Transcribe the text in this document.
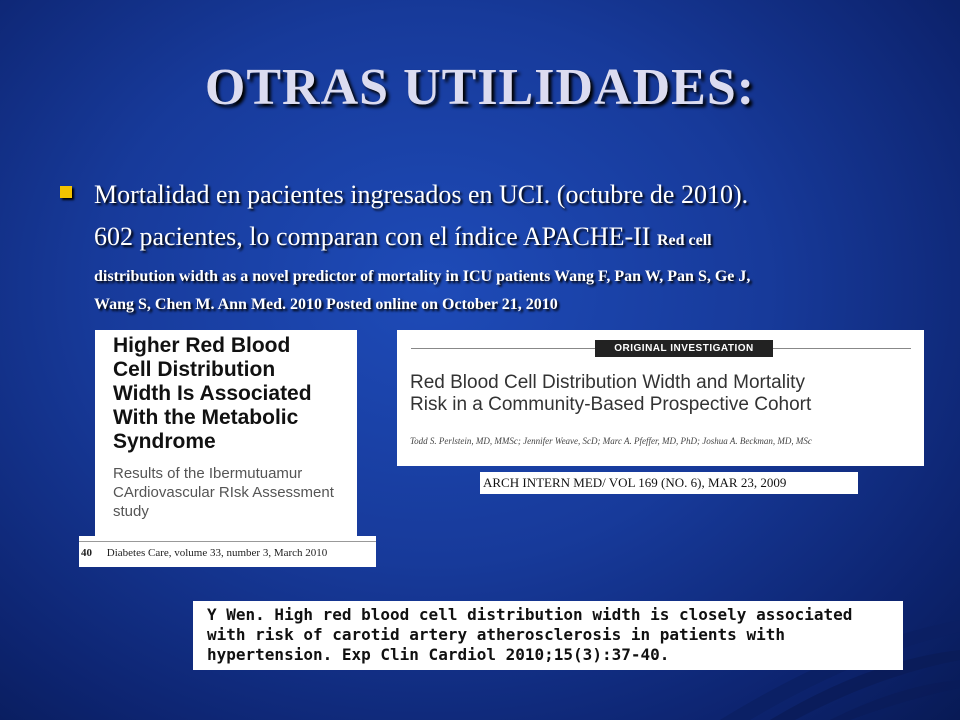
OTRAS UTILIDADES:
Mortalidad en pacientes ingresados en UCI. (octubre de 2010).
602 pacientes, lo comparan con el índice APACHE-II Red cell
distribution width as a novel predictor of mortality in ICU patients Wang F, Pan W, Pan S, Ge J,
Wang S, Chen M. Ann Med. 2010 Posted online on October 21, 2010
Higher Red Blood
Cell Distribution
Width Is Associated
With the Metabolic
Syndrome
Results of the Ibermutuamur
CArdiovascular RIsk Assessment
study
40 Diabetes Care, volume 33, number 3, March 2010
ORIGINAL INVESTIGATION
Red Blood Cell Distribution Width and Mortality
Risk in a Community-Based Prospective Cohort
Todd S. Perlstein, MD, MMSc; Jennifer Weave, ScD; Marc A. Pfeffer, MD, PhD; Joshua A. Beckman, MD, MSc
ARCH INTERN MED/ VOL 169 (NO. 6), MAR 23, 2009
Y Wen. High red blood cell distribution width is closely associated
with risk of carotid artery atherosclerosis in patients with
hypertension. Exp Clin Cardiol 2010;15(3):37-40.
